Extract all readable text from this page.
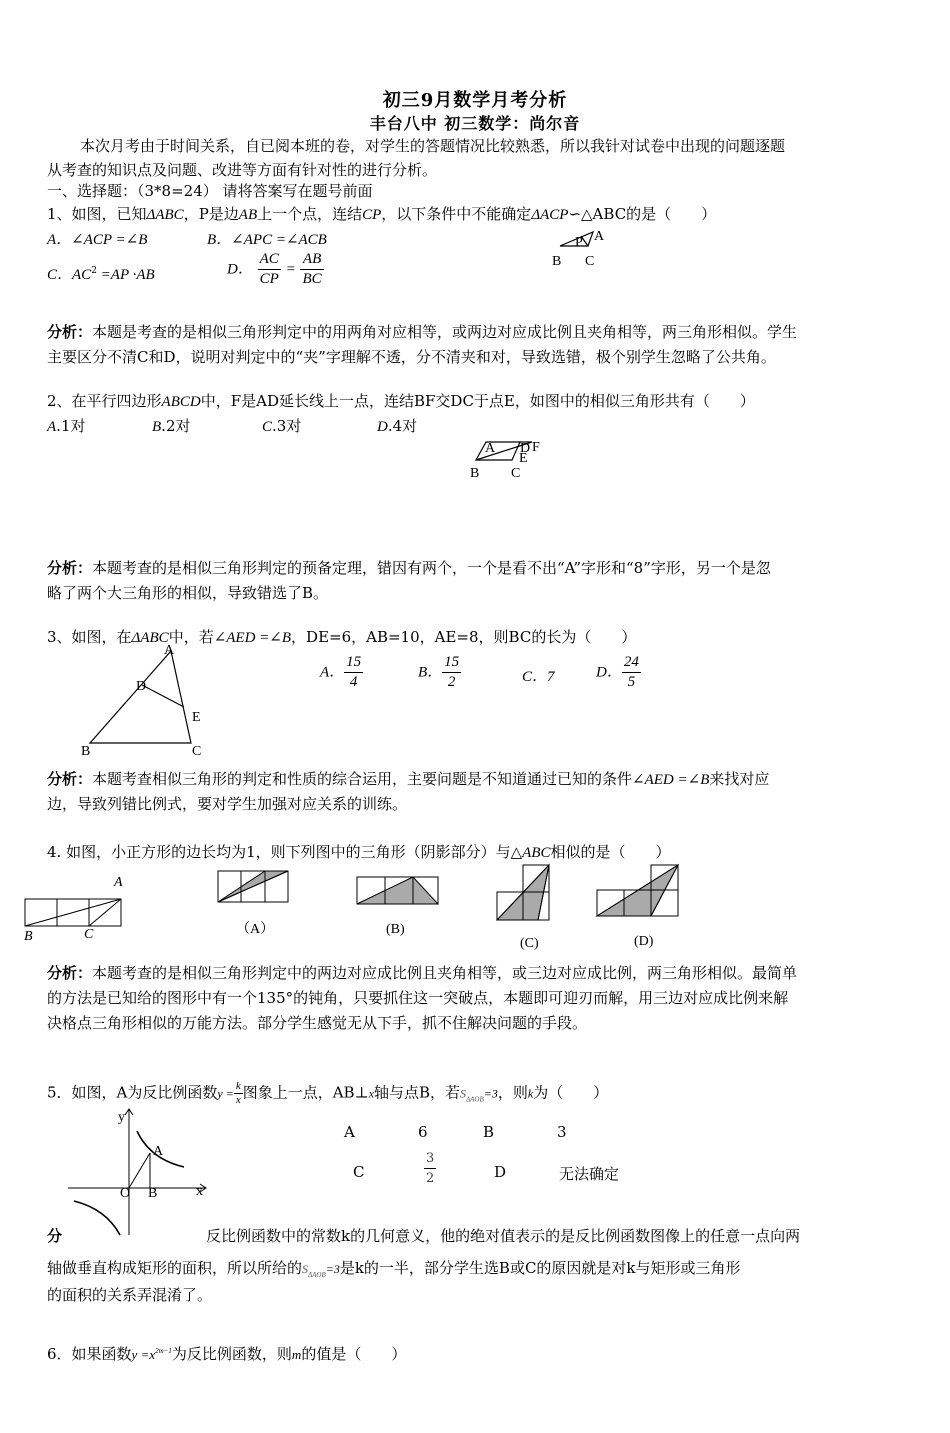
初三9月数学月考分析
丰台八中 初三数学：尚尔音
本次月考由于时间关系，自已阅本班的卷，对学生的答题情况比较熟悉，所以我针对试卷中出现的问题逐题
从考查的知识点及问题、改进等方面有针对性的进行分析。
一、选择题：（3*8=24） 请将答案写在题号前面
1、如图，已知ΔABC，P是边AB上一个点，连结CP，以下条件中不能确定ΔACP∽△ABC的是（　　）
A．∠ACP =∠B	B．∠APC =∠ACB
C．$AC^2 =AP \cdot AB$	D． $\frac{AC}{CP} = \frac{AB}{BC}$
P A
B C
分析：本题是考查的是相似三角形判定中的用两角对应相等，或两边对应成比例且夹角相等，两三角形相似。学生
主要区分不清C和D，说明对判定中的“夹”字理解不透，分不清夹和对，导致选错，极个别学生忽略了公共角。
2、在平行四边形ABCD中，F是AD延长线上一点，连结BF交DC于点E，如图中的相似三角形共有（　　）
A.1对	B.2对	C.3对	D.4对
A D F
E
B C
分析：本题考查的是相似三角形判定的预备定理，错因有两个，一个是看不出“A”字形和“8”字形，另一个是忽
略了两个大三角形的相似，导致错选了B。
3、如图，在ΔABC中，若∠AED =∠B，DE=6，AB=10，AE=8，则BC的长为（　　）
A
D
E
B	C
A． $\frac{15}{4}$	B． $\frac{15}{2}$	C．7	D． $\frac{24}{5}$
分析：本题考查相似三角形的判定和性质的综合运用，主要问题是不知道通过已知的条件∠AED =∠B来找对应
边，导致列错比例式，要对学生加强对应关系的训练。
4. 如图，小正方形的边长均为1，则下列图中的三角形（阴影部分）与△ABC相似的是（　　）
A
B	C	（A）	(B)
(C)	(D)
分析：本题考查的是相似三角形判定中的两边对应成比例且夹角相等，或三边对应成比例，两三角形相似。最简单
的方法是已知给的图形中有一个135°的钝角，只要抓住这一突破点，本题即可迎刃而解，用三边对应成比例来解
决格点三角形相似的万能方法。部分学生感觉无从下手，抓不住解决问题的手段。
5．如图，A为反比例函数$y = \frac{k}{x}$ 图象上一点，AB⊥x轴与点B，若$S_{\Delta AOB}=3$，则k为（　　）
y
x
O
A
B
A	6	B	3
C	$\frac{3}{2}$	D	无法确定
分	反比例函数中的常数k的几何意义，他的绝对值表示的是反比例函数图像上的任意一点向两
轴做垂直构成矩形的面积，所以所给的$S_{\Delta AOB}=3$是k的一半，部分学生选B或C的原因就是对k与矩形或三角形
的面积的关系弄混淆了。
6．如果函数$y =x^{2m-1}$为反比例函数，则m的值是（　　）
